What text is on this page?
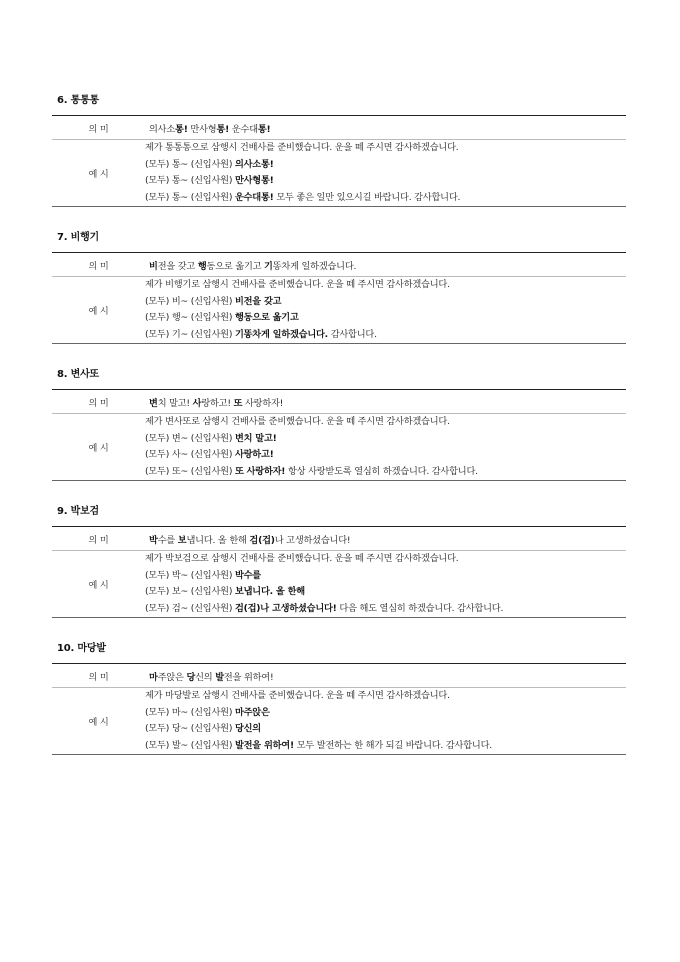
6. 통통통
의 미	의사소통! 만사형통! 운수대통!
예 시	제가 통통통으로 삼행시 건배사를 준비했습니다. 운을 떼 주시면 감사하겠습니다.
(모두) 통~ (신입사원) 의사소통!
(모두) 통~ (신입사원) 만사형통!
(모두) 통~ (신입사원) 운수대통! 모두 좋은 일만 있으시길 바랍니다. 감사합니다.
7. 비행기
의 미	비전을 갖고 행동으로 옮기고 기똥차게 일하겠습니다.
예 시	제가 비행기로 삼행시 건배사를 준비했습니다. 운을 떼 주시면 감사하겠습니다.
(모두) 비~ (신입사원) 비전을 갖고
(모두) 행~ (신입사원) 행동으로 옮기고
(모두) 기~ (신입사원) 기똥차게 일하겠습니다. 감사합니다.
8. 변사또
의 미	변치 말고! 사랑하고! 또 사랑하자!
예 시	제가 변사또로 삼행시 건배사를 준비했습니다. 운을 떼 주시면 감사하겠습니다.
(모두) 변~ (신입사원) 변치 말고!
(모두) 사~ (신입사원) 사랑하고!
(모두) 또~ (신입사원) 또 사랑하자! 항상 사랑받도록 열심히 하겠습니다. 감사합니다.
9. 박보검
의 미	박수를 보냅니다. 올 한해 검(겁)나 고생하셨습니다!
예 시	제가 박보검으로 삼행시 건배사를 준비했습니다. 운을 떼 주시면 감사하겠습니다.
(모두) 박~ (신입사원) 박수를
(모두) 보~ (신입사원) 보냅니다. 올 한해
(모두) 검~ (신입사원) 검(겁)나 고생하셨습니다! 다음 해도 열심히 하겠습니다. 감사합니다.
10. 마당발
의 미	마주앉은 당신의 발전을 위하여!
예 시	제가 마당발로 삼행시 건배사를 준비했습니다. 운을 떼 주시면 감사하겠습니다.
(모두) 마~ (신입사원) 마주앉은
(모두) 당~ (신입사원) 당신의
(모두) 발~ (신입사원) 발전을 위하여! 모두 발전하는 한 해가 되길 바랍니다. 감사합니다.
